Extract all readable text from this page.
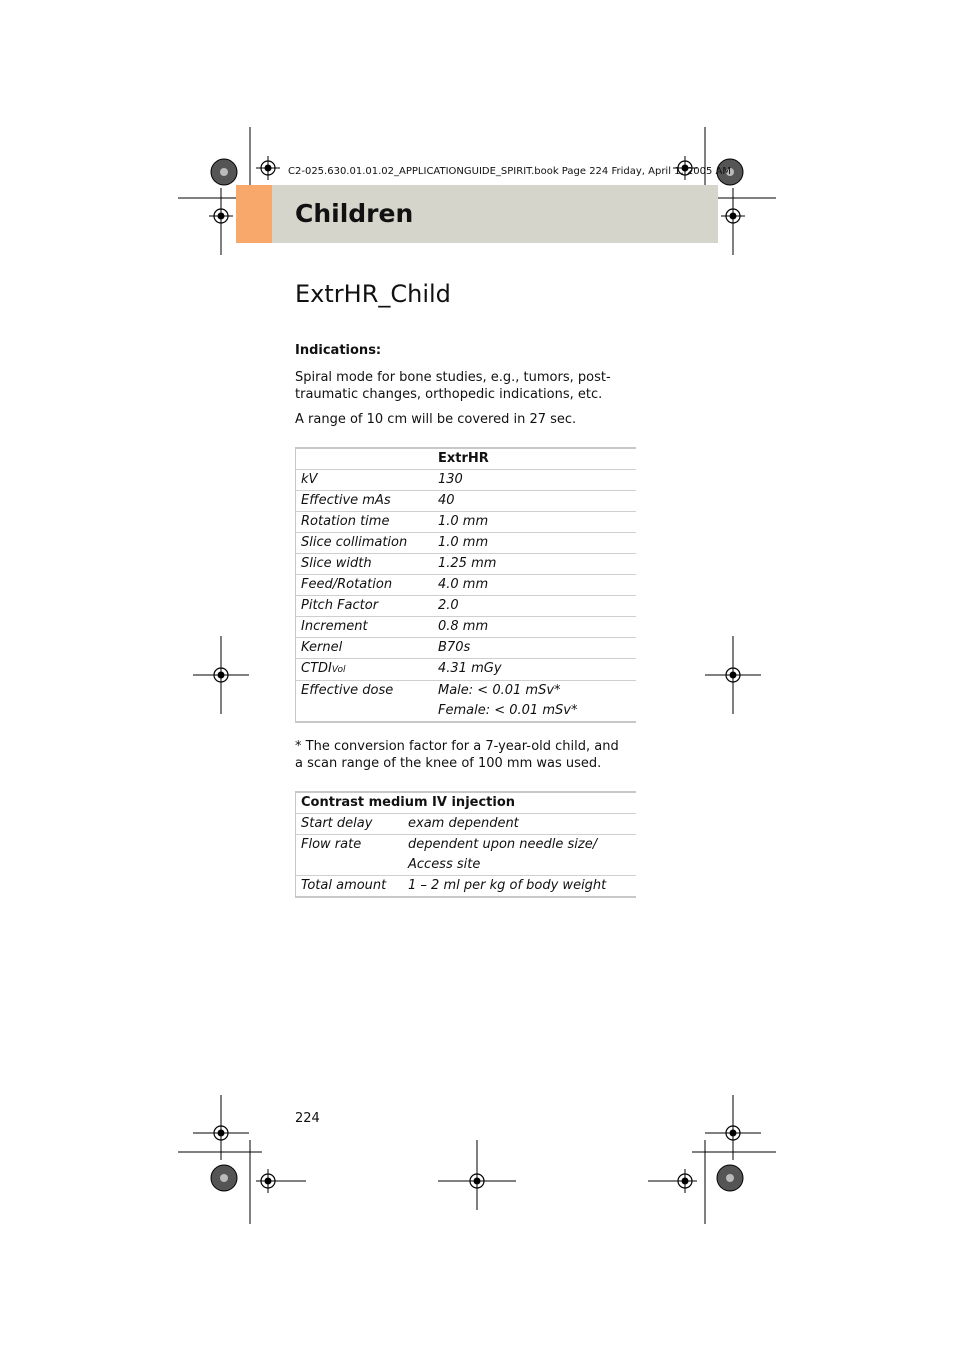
C2-025.630.01.01.02_APPLICATIONGUIDE_SPIRIT.book Page 224 Friday, April 1, 2005 AM
Children
ExtrHR_Child
Indications:
Spiral mode for bone studies, e.g., tumors, post-traumatic changes, orthopedic indications, etc.
A range of 10 cm will be covered in 27 sec.
	ExtrHR
kV	130
Effective mAs	40
Rotation time	1.0 mm
Slice collimation	1.0 mm
Slice width	1.25 mm
Feed/Rotation	4.0 mm
Pitch Factor	2.0
Increment	0.8 mm
Kernel	B70s
CTDIVol	4.31 mGy
Effective dose	Male: < 0.01 mSv*
	Female: < 0.01 mSv*
* The conversion factor for a 7-year-old child, and a scan range of the knee of 100 mm was used.
Contrast medium IV injection	
Start delay	exam dependent
Flow rate	dependent upon needle size/
	Access site
Total amount	1 – 2 ml per kg of body weight
224
